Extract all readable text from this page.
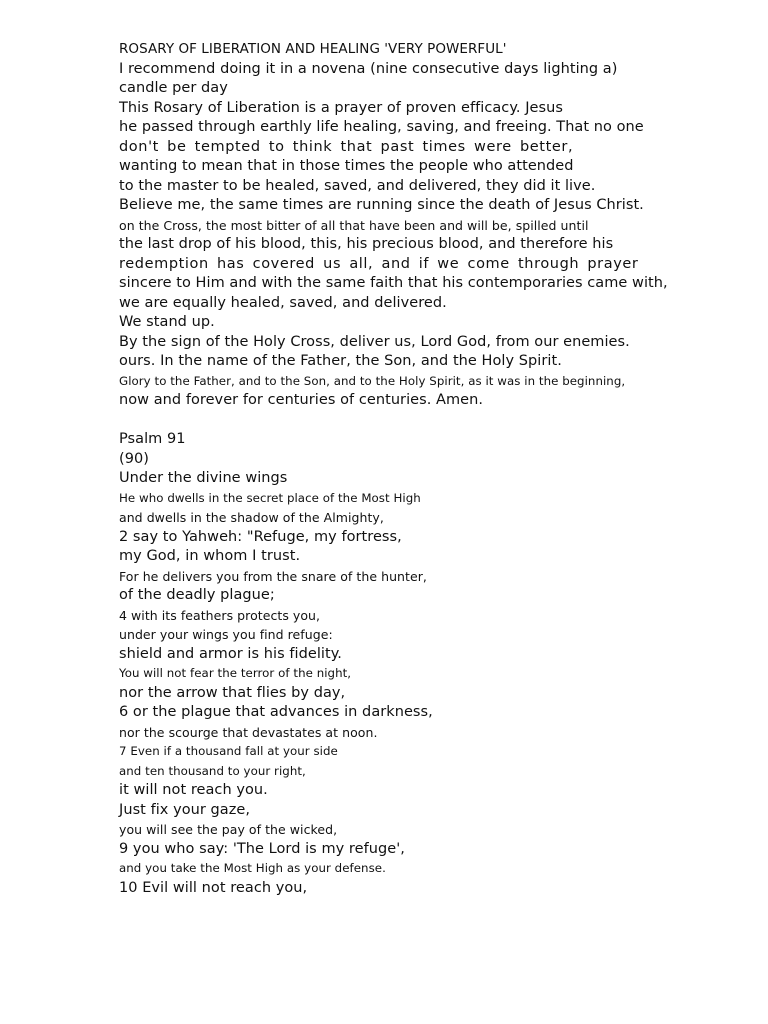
ROSARY OF LIBERATION AND HEALING 'VERY POWERFUL'
I recommend doing it in a novena (nine consecutive days lighting a)
candle per day
This Rosary of Liberation is a prayer of proven efficacy. Jesus
he passed through earthly life healing, saving, and freeing. That no one
don't be tempted to think that past times were better,
wanting to mean that in those times the people who attended
to the master to be healed, saved, and delivered, they did it live.
Believe me, the same times are running since the death of Jesus Christ.
on the Cross, the most bitter of all that have been and will be, spilled until
the last drop of his blood, this, his precious blood, and therefore his
redemption has covered us all, and if we come through prayer
sincere to Him and with the same faith that his contemporaries came with,
we are equally healed, saved, and delivered.
We stand up.
By the sign of the Holy Cross, deliver us, Lord God, from our enemies.
ours. In the name of the Father, the Son, and the Holy Spirit.
Glory to the Father, and to the Son, and to the Holy Spirit, as it was in the beginning,
now and forever for centuries of centuries. Amen.
Psalm 91
(90)
Under the divine wings
He who dwells in the secret place of the Most High
and dwells in the shadow of the Almighty,
2 say to Yahweh: "Refuge, my fortress,
my God, in whom I trust.
For he delivers you from the snare of the hunter,
of the deadly plague;
4 with its feathers protects you,
under your wings you find refuge:
shield and armor is his fidelity.
You will not fear the terror of the night,
nor the arrow that flies by day,
6 or the plague that advances in darkness,
nor the scourge that devastates at noon.
7 Even if a thousand fall at your side
and ten thousand to your right,
it will not reach you.
Just fix your gaze,
you will see the pay of the wicked,
9 you who say: 'The Lord is my refuge',
and you take the Most High as your defense.
10 Evil will not reach you,
